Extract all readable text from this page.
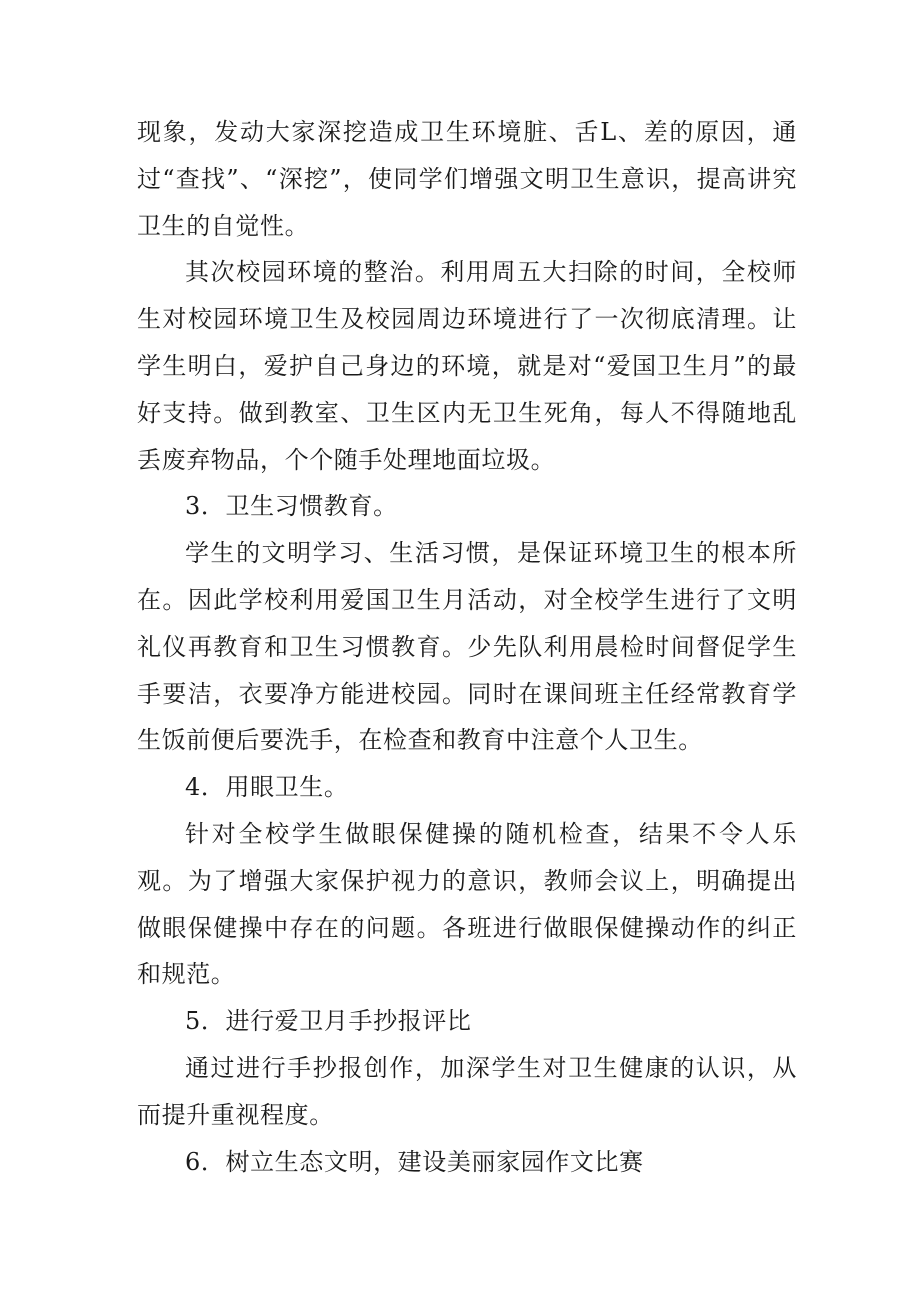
现象，发动大家深挖造成卫生环境脏、舌L、差的原因，通过“查找”、“深挖”，使同学们增强文明卫生意识，提高讲究卫生的自觉性。

其次校园环境的整治。利用周五大扫除的时间，全校师生对校园环境卫生及校园周边环境进行了一次彻底清理。让学生明白，爱护自己身边的环境，就是对“爱国卫生月”的最好支持。做到教室、卫生区内无卫生死角，每人不得随地乱丢废弃物品，个个随手处理地面垃圾。

3．卫生习惯教育。

学生的文明学习、生活习惯，是保证环境卫生的根本所在。因此学校利用爱国卫生月活动，对全校学生进行了文明礼仪再教育和卫生习惯教育。少先队利用晨检时间督促学生手要洁，衣要净方能进校园。同时在课间班主任经常教育学生饭前便后要洗手，在检查和教育中注意个人卫生。

4．用眼卫生。

针对全校学生做眼保健操的随机检查，结果不令人乐观。为了增强大家保护视力的意识，教师会议上，明确提出做眼保健操中存在的问题。各班进行做眼保健操动作的纠正和规范。

5．进行爱卫月手抄报评比

通过进行手抄报创作，加深学生对卫生健康的认识，从而提升重视程度。

6．树立生态文明，建设美丽家园作文比赛
